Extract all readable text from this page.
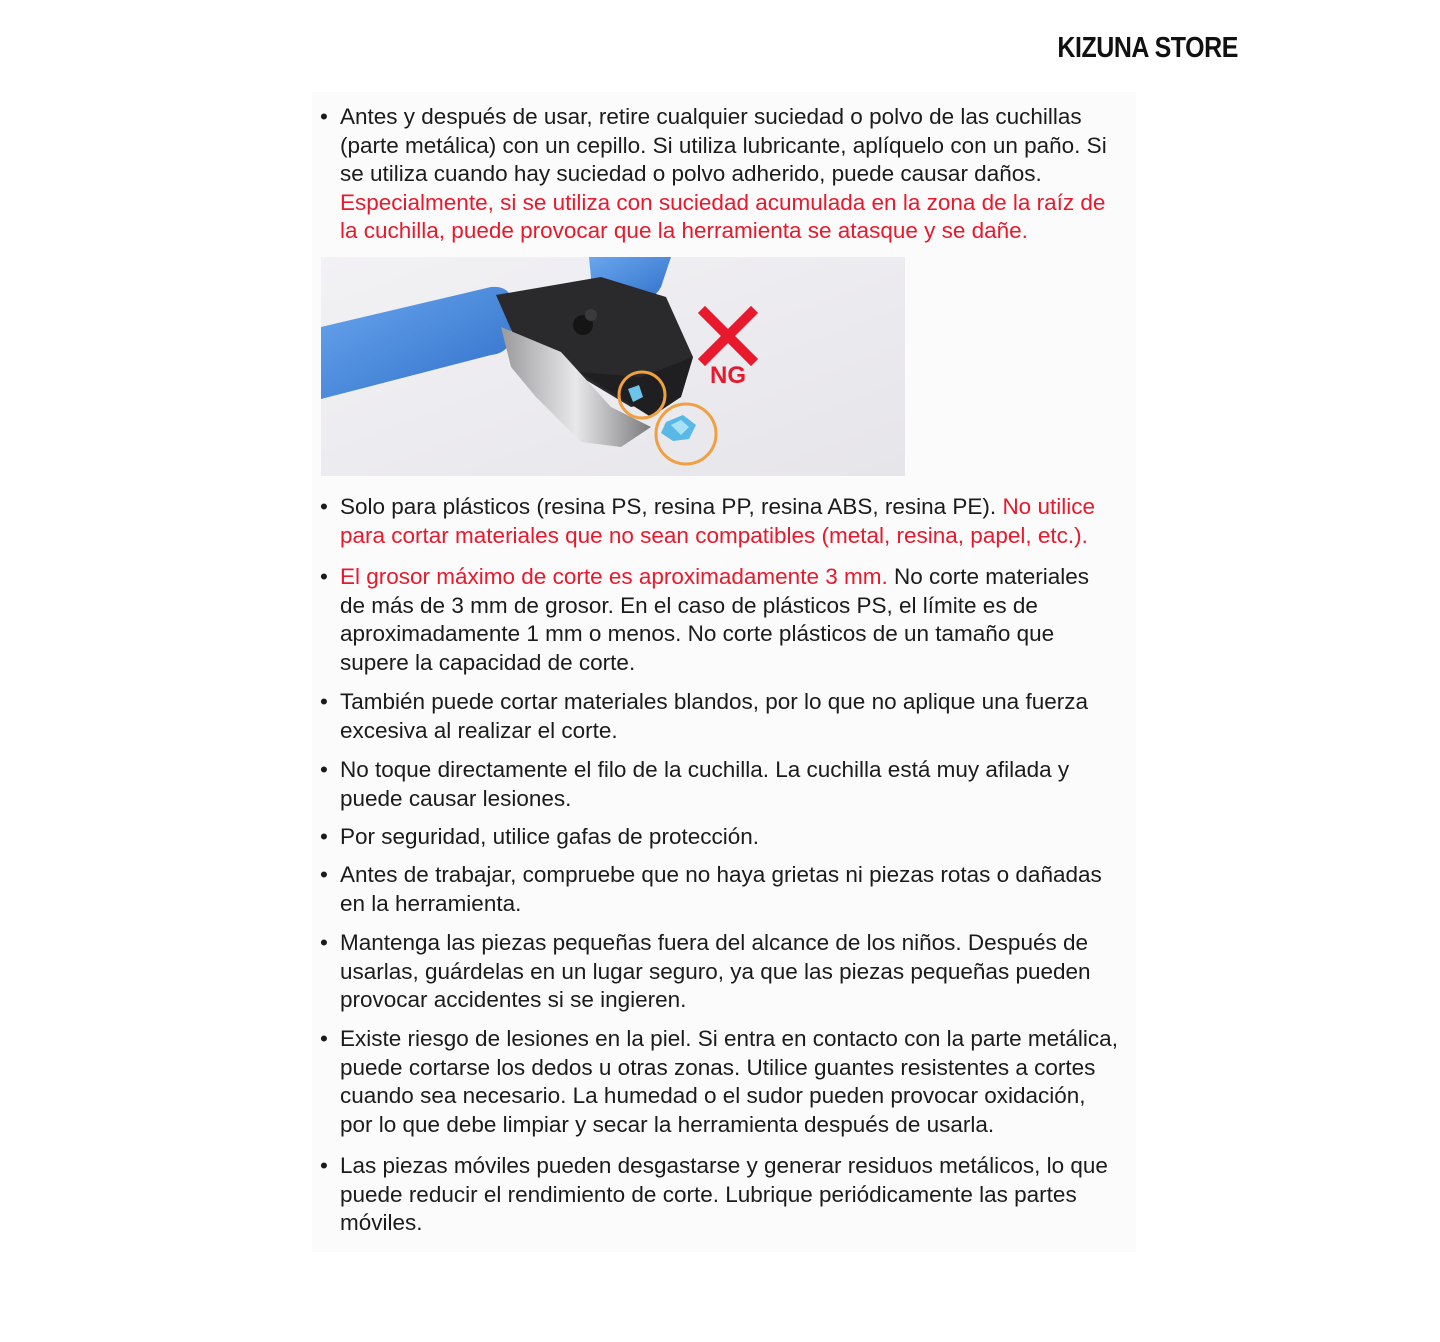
KIZUNA STORE
• Antes y después de usar, retire cualquier suciedad o polvo de las cuchillas (parte metálica) con un cepillo. Si utiliza lubricante, aplíquelo con un paño. Si se utiliza cuando hay suciedad o polvo adherido, puede causar daños. Especialmente, si se utiliza con suciedad acumulada en la zona de la raíz de la cuchilla, puede provocar que la herramienta se atasque y se dañe.
NG
• Solo para plásticos (resina PS, resina PP, resina ABS, resina PE). No utilice para cortar materiales que no sean compatibles (metal, resina, papel, etc.).
• El grosor máximo de corte es aproximadamente 3 mm. No corte materiales de más de 3 mm de grosor. En el caso de plásticos PS, el límite es de aproximadamente 1 mm o menos. No corte plásticos de un tamaño que supere la capacidad de corte.
• También puede cortar materiales blandos, por lo que no aplique una fuerza excesiva al realizar el corte.
• No toque directamente el filo de la cuchilla. La cuchilla está muy afilada y puede causar lesiones.
• Por seguridad, utilice gafas de protección.
• Antes de trabajar, compruebe que no haya grietas ni piezas rotas o dañadas en la herramienta.
• Mantenga las piezas pequeñas fuera del alcance de los niños. Después de usarlas, guárdelas en un lugar seguro, ya que las piezas pequeñas pueden provocar accidentes si se ingieren.
• Existe riesgo de lesiones en la piel. Si entra en contacto con la parte metálica, puede cortarse los dedos u otras zonas. Utilice guantes resistentes a cortes cuando sea necesario. La humedad o el sudor pueden provocar oxidación, por lo que debe limpiar y secar la herramienta después de usarla.
• Las piezas móviles pueden desgastarse y generar residuos metálicos, lo que puede reducir el rendimiento de corte. Lubrique periódicamente las partes móviles.
